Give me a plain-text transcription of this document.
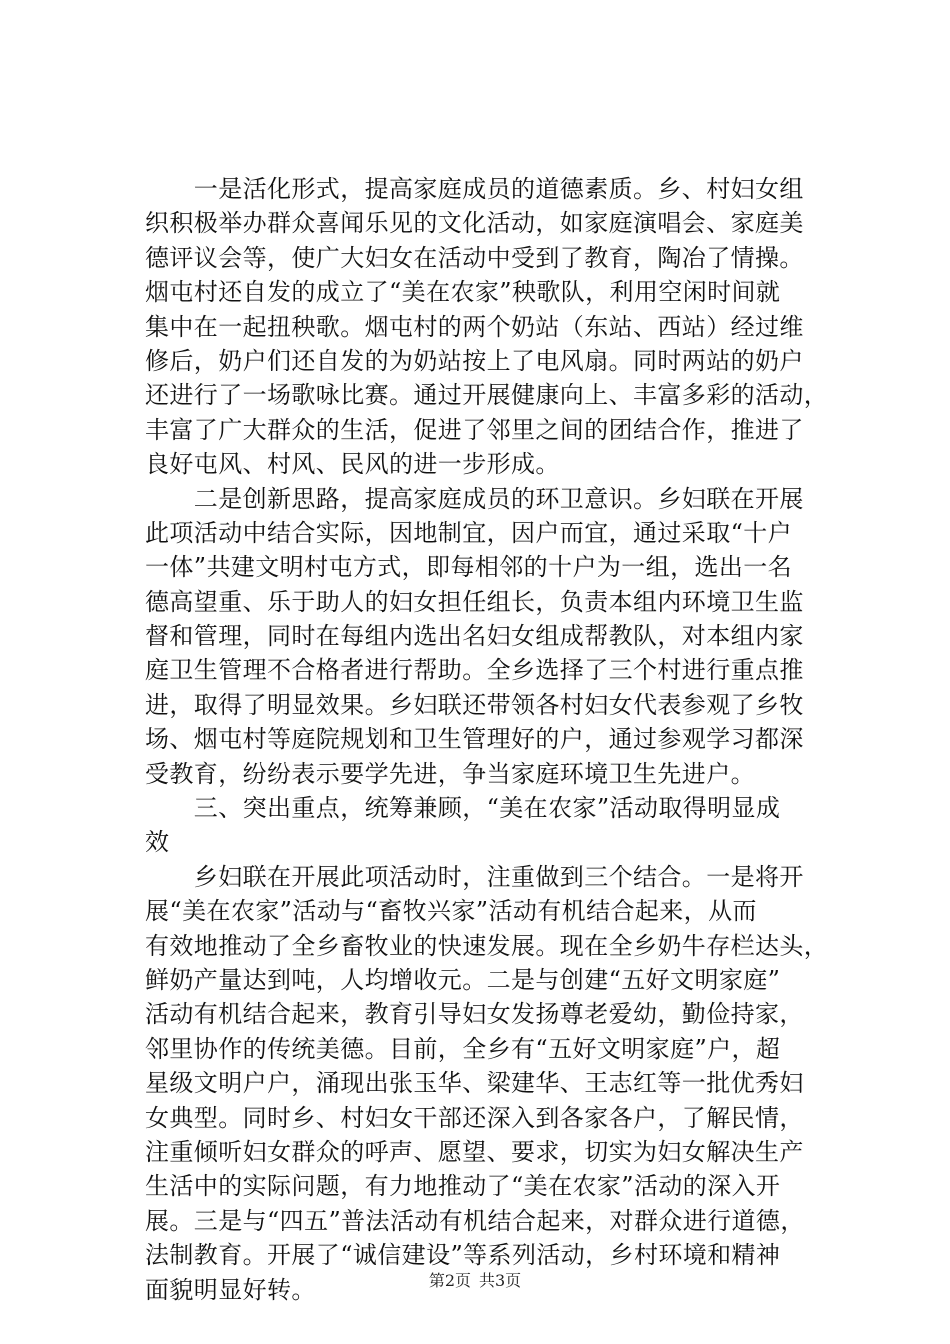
　　一是活化形式，提高家庭成员的道德素质。乡、村妇女组
织积极举办群众喜闻乐见的文化活动，如家庭演唱会、家庭美
德评议会等，使广大妇女在活动中受到了教育，陶冶了情操。
烟屯村还自发的成立了“美在农家”秧歌队，利用空闲时间就
集中在一起扭秧歌。烟屯村的两个奶站（东站、西站）经过维
修后，奶户们还自发的为奶站按上了电风扇。同时两站的奶户
还进行了一场歌咏比赛。通过开展健康向上、丰富多彩的活动，
丰富了广大群众的生活，促进了邻里之间的团结合作，推进了
良好屯风、村风、民风的进一步形成。
　　二是创新思路，提高家庭成员的环卫意识。乡妇联在开展
此项活动中结合实际，因地制宜，因户而宜，通过采取“十户
一体”共建文明村屯方式，即每相邻的十户为一组，选出一名
德高望重、乐于助人的妇女担任组长，负责本组内环境卫生监
督和管理，同时在每组内选出名妇女组成帮教队，对本组内家
庭卫生管理不合格者进行帮助。全乡选择了三个村进行重点推
进，取得了明显效果。乡妇联还带领各村妇女代表参观了乡牧
场、烟屯村等庭院规划和卫生管理好的户，通过参观学习都深
受教育，纷纷表示要学先进，争当家庭环境卫生先进户。
　　三、突出重点，统筹兼顾，“美在农家”活动取得明显成
效
　　乡妇联在开展此项活动时，注重做到三个结合。一是将开
展“美在农家”活动与“畜牧兴家”活动有机结合起来，从而
有效地推动了全乡畜牧业的快速发展。现在全乡奶牛存栏达头，
鲜奶产量达到吨，人均增收元。二是与创建“五好文明家庭”
活动有机结合起来，教育引导妇女发扬尊老爱幼，勤俭持家，
邻里协作的传统美德。目前，全乡有“五好文明家庭”户，超
星级文明户户，涌现出张玉华、梁建华、王志红等一批优秀妇
女典型。同时乡、村妇女干部还深入到各家各户，了解民情，
注重倾听妇女群众的呼声、愿望、要求，切实为妇女解决生产
生活中的实际问题，有力地推动了“美在农家”活动的深入开
展。三是与“四五”普法活动有机结合起来，对群众进行道德，
法制教育。开展了“诚信建设”等系列活动，乡村环境和精神
面貌明显好转。	第2页 共3页
